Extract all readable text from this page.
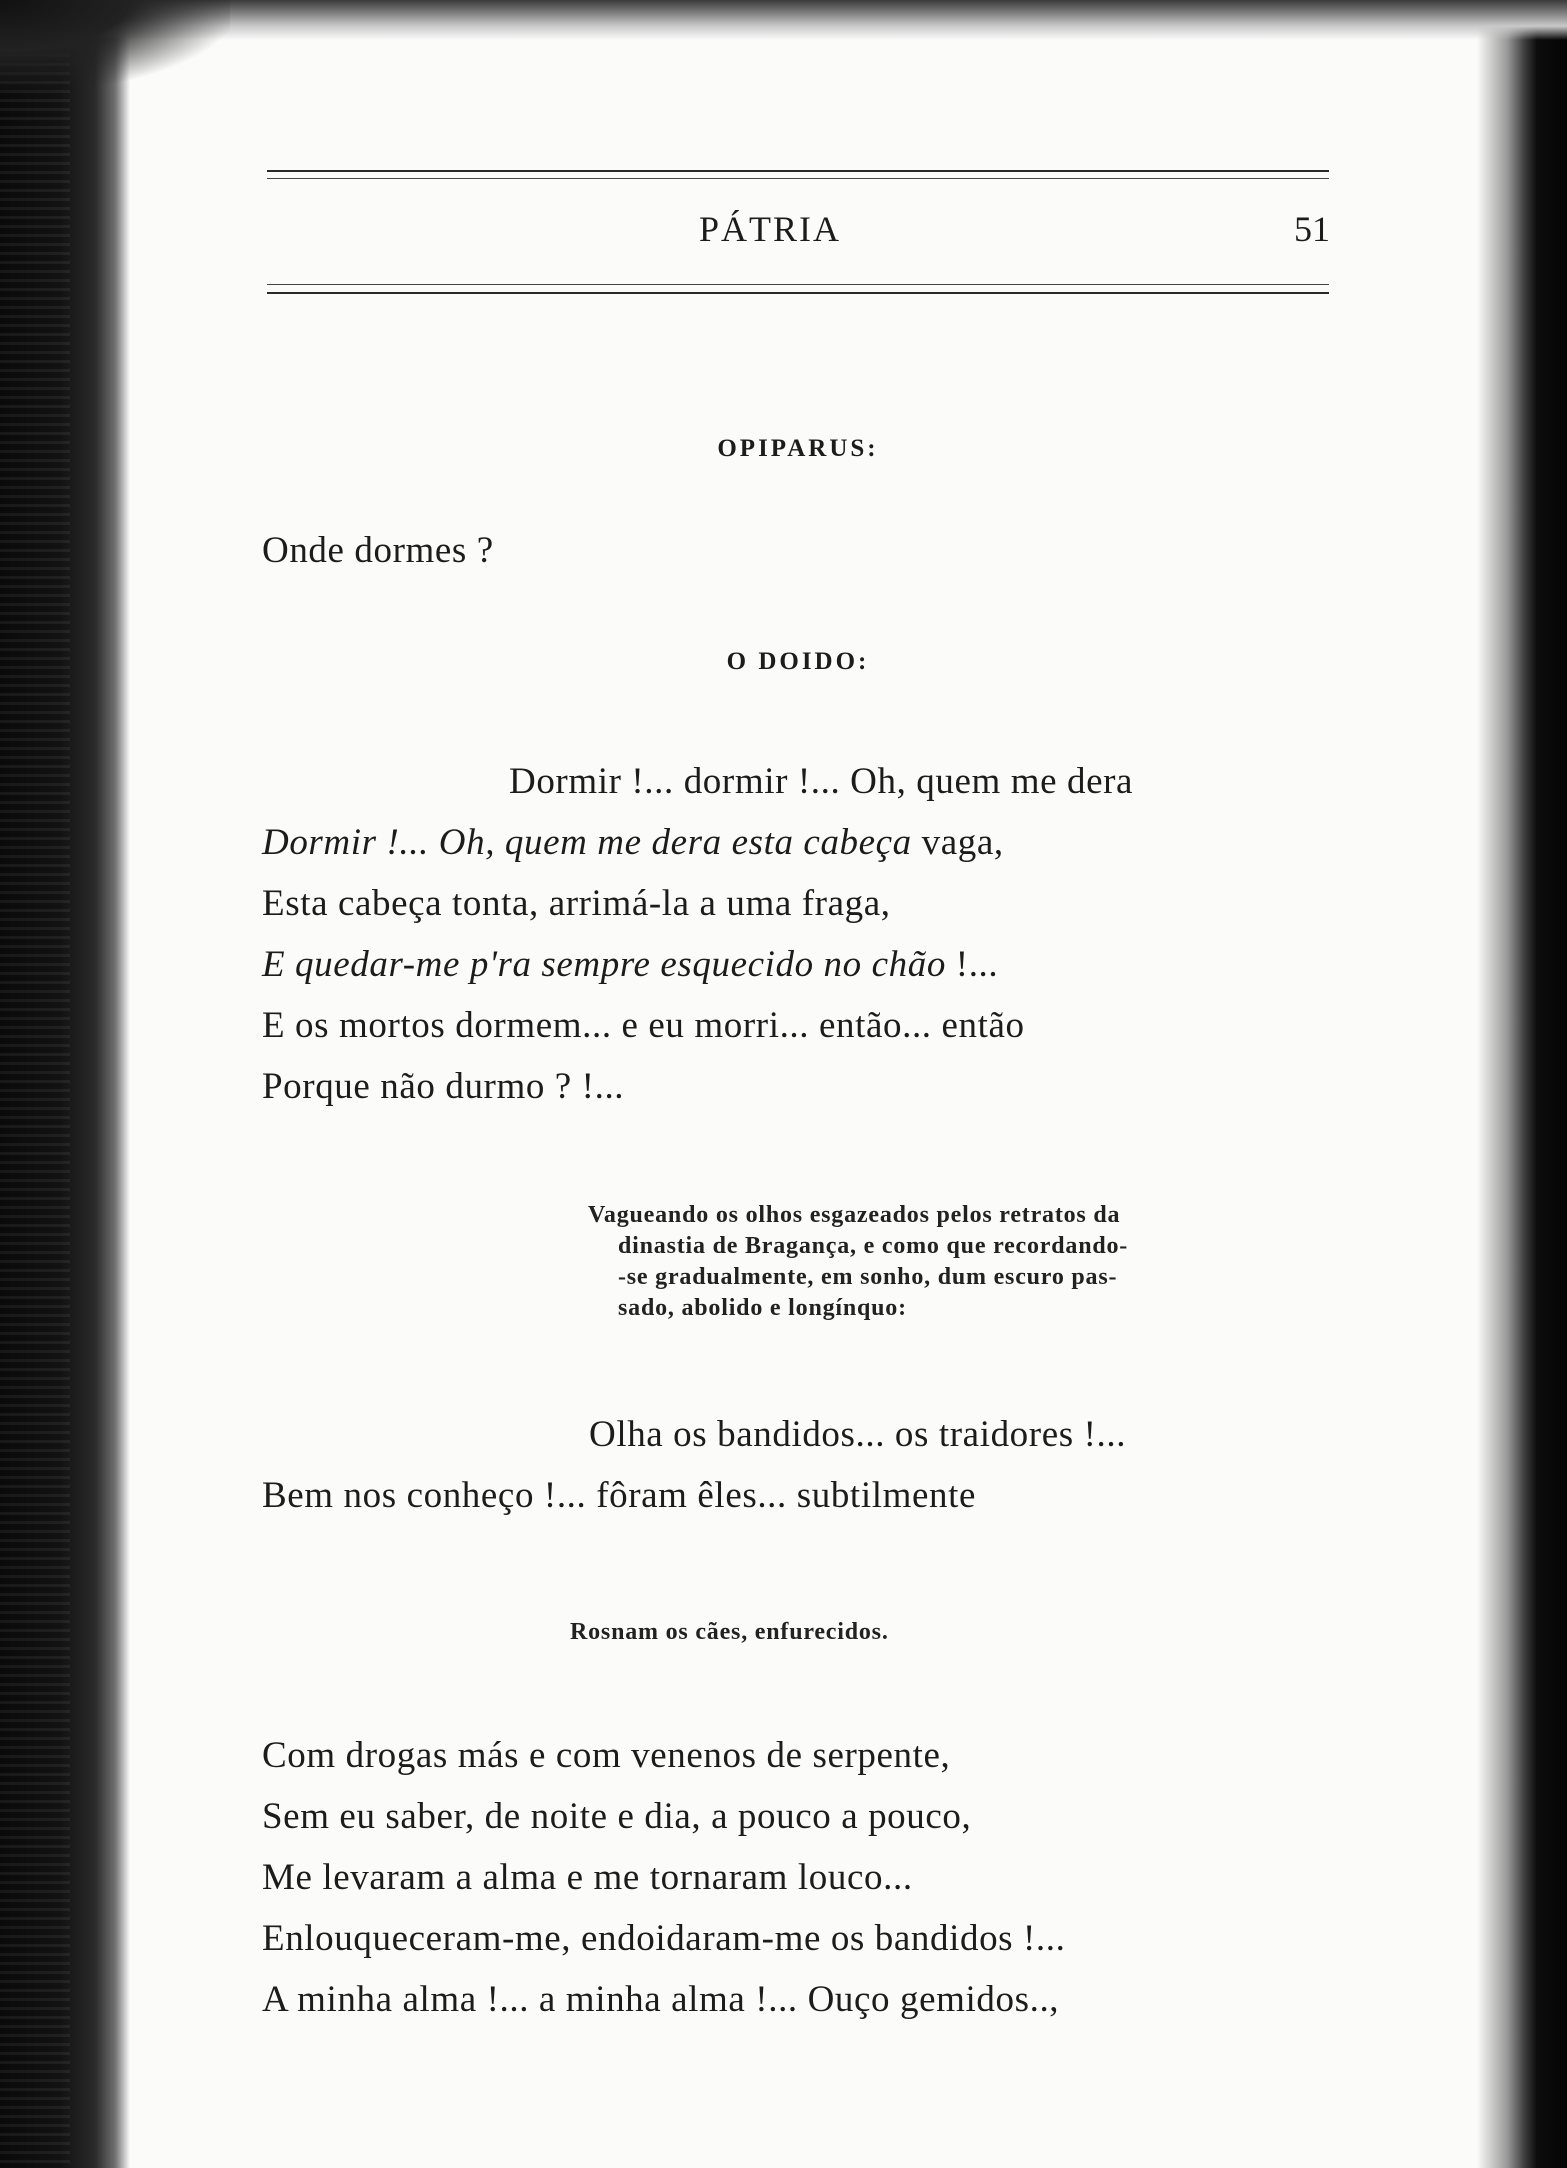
PÁTRIA	51
OPIPARUS:
Onde dormes ?
O DOIDO:
Dormir !... dormir !... Oh, quem me dera
Dormir !... Oh, quem me dera esta cabeça vaga,
Esta cabeça tonta, arrimá-la a uma fraga,
E quedar-me p'ra sempre esquecido no chão !...
E os mortos dormem... e eu morri... então... então
Porque não durmo ? !...
Vagueando os olhos esgazeados pelos retratos da
dinastia de Bragança, e como que recordando-
-se gradualmente, em sonho, dum escuro pas-
sado, abolido e longínquo:
Olha os bandidos... os traidores !...
Bem nos conheço !... fôram êles... subtilmente
Rosnam os cães, enfurecidos.
Com drogas más e com venenos de serpente,
Sem eu saber, de noite e dia, a pouco a pouco,
Me levaram a alma e me tornaram louco...
Enlouqueceram-me, endoidaram-me os bandidos !...
A minha alma !... a minha alma !... Ouço gemidos..,
